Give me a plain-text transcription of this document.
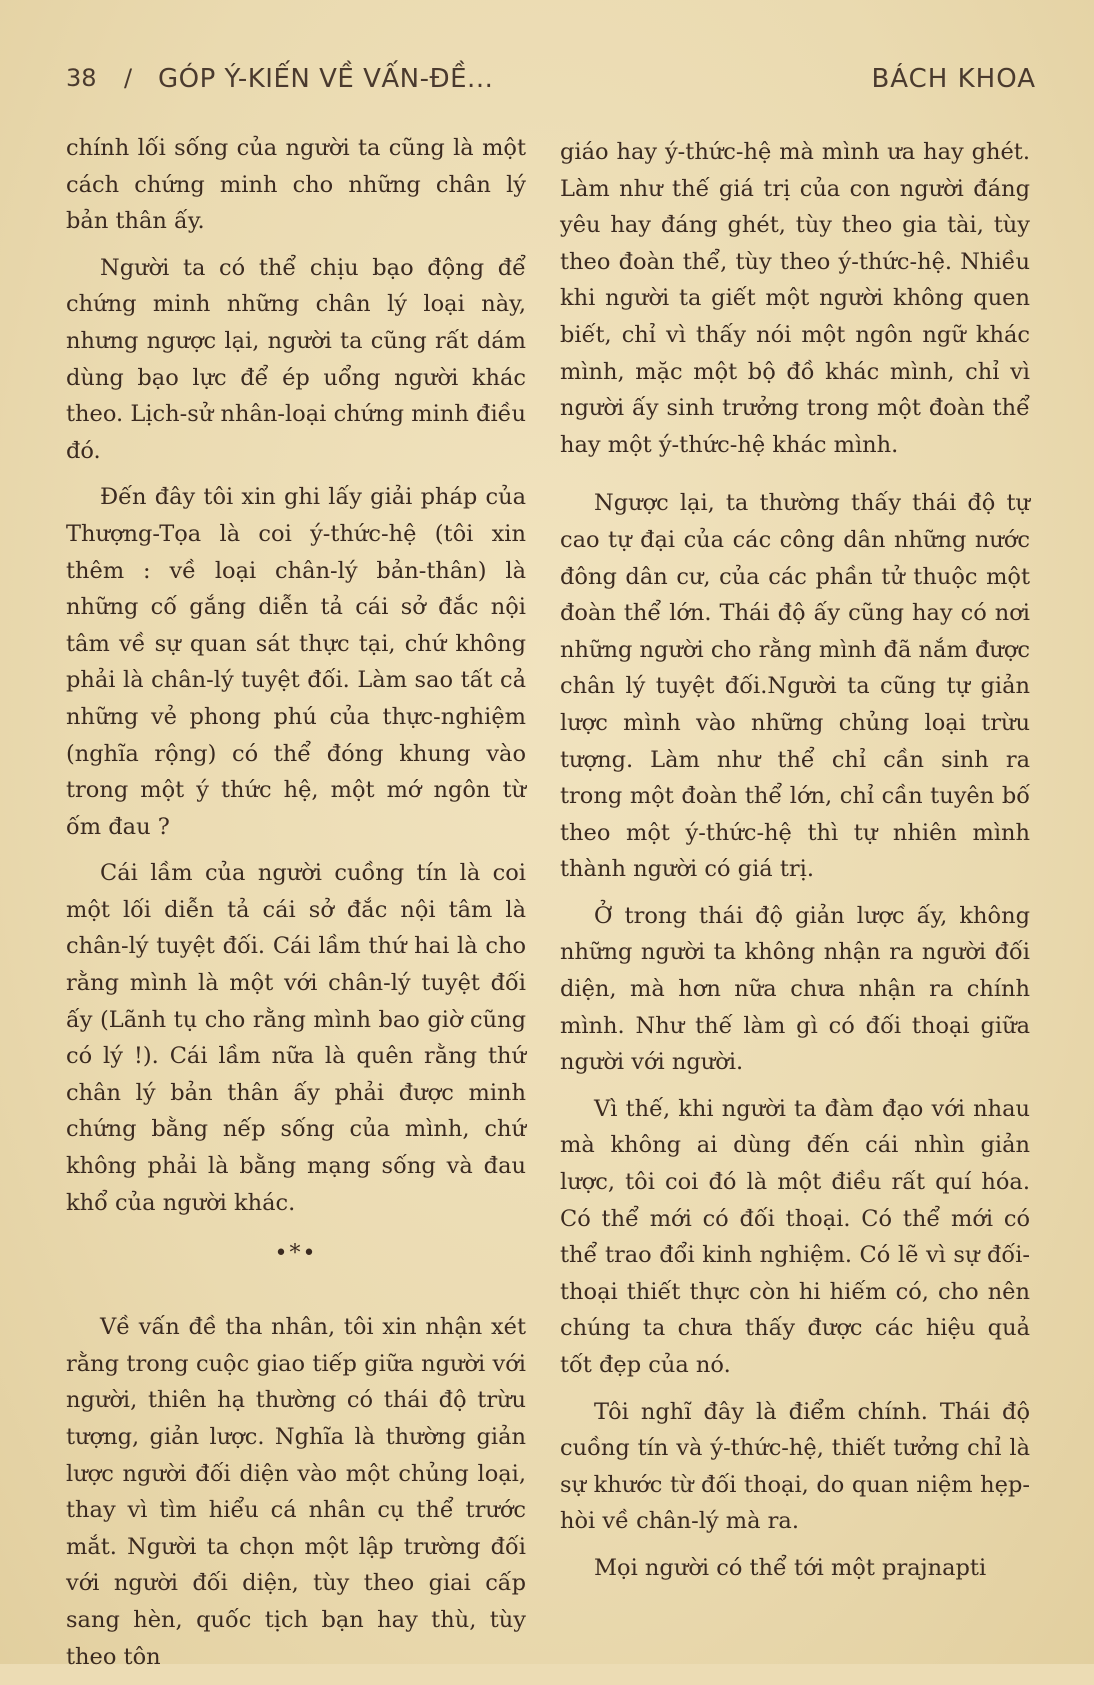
38 / GÓP Ý-KIẾN VỀ VẤN-ĐỀ...	BÁCH KHOA

chính lối sống của người ta cũng là một cách chứng minh cho những chân lý bản thân ấy.

Người ta có thể chịu bạo động để chứng minh những chân lý loại này, nhưng ngược lại, người ta cũng rất dám dùng bạo lực để ép uổng người khác theo. Lịch-sử nhân-loại chứng minh điều đó.

Đến đây tôi xin ghi lấy giải pháp của Thượng-Tọa là coi ý-thức-hệ (tôi xin thêm : về loại chân-lý bản-thân) là những cố gắng diễn tả cái sở đắc nội tâm về sự quan sát thực tại, chứ không phải là chân-lý tuyệt đối. Làm sao tất cả những vẻ phong phú của thực-nghiệm (nghĩa rộng) có thể đóng khung vào trong một ý thức hệ, một mớ ngôn từ ốm đau ?

Cái lầm của người cuồng tín là coi một lối diễn tả cái sở đắc nội tâm là chân-lý tuyệt đối. Cái lầm thứ hai là cho rằng mình là một với chân-lý tuyệt đối ấy (Lãnh tụ cho rằng mình bao giờ cũng có lý !). Cái lầm nữa là quên rằng thứ chân lý bản thân ấy phải được minh chứng bằng nếp sống của mình, chứ không phải là bằng mạng sống và đau khổ của người khác.

•*•

Về vấn đề tha nhân, tôi xin nhận xét rằng trong cuộc giao tiếp giữa người với người, thiên hạ thường có thái độ trừu tượng, giản lược. Nghĩa là thường giản lược người đối diện vào một chủng loại, thay vì tìm hiểu cá nhân cụ thể trước mắt. Người ta chọn một lập trường đối với người đối diện, tùy theo giai cấp sang hèn, quốc tịch bạn hay thù, tùy theo tôn

giáo hay ý-thức-hệ mà mình ưa hay ghét. Làm như thế giá trị của con người đáng yêu hay đáng ghét, tùy theo gia tài, tùy theo đoàn thể, tùy theo ý-thức-hệ. Nhiều khi người ta giết một người không quen biết, chỉ vì thấy nói một ngôn ngữ khác mình, mặc một bộ đồ khác mình, chỉ vì người ấy sinh trưởng trong một đoàn thể hay một ý-thức-hệ khác mình.

Ngược lại, ta thường thấy thái độ tự cao tự đại của các công dân những nước đông dân cư, của các phần tử thuộc một đoàn thể lớn. Thái độ ấy cũng hay có nơi những người cho rằng mình đã nắm được chân lý tuyệt đối.Người ta cũng tự giản lược mình vào những chủng loại trừu tượng. Làm như thể chỉ cần sinh ra trong một đoàn thể lớn, chỉ cần tuyên bố theo một ý-thức-hệ thì tự nhiên mình thành người có giá trị.

Ở trong thái độ giản lược ấy, không những người ta không nhận ra người đối diện, mà hơn nữa chưa nhận ra chính mình. Như thế làm gì có đối thoại giữa người với người.

Vì thế, khi người ta đàm đạo với nhau mà không ai dùng đến cái nhìn giản lược, tôi coi đó là một điều rất quí hóa. Có thể mới có đối thoại. Có thể mới có thể trao đổi kinh nghiệm. Có lẽ vì sự đối-thoại thiết thực còn hi hiếm có, cho nên chúng ta chưa thấy được các hiệu quả tốt đẹp của nó.

Tôi nghĩ đây là điểm chính. Thái độ cuồng tín và ý-thức-hệ, thiết tưởng chỉ là sự khước từ đối thoại, do quan niệm hẹp-hòi về chân-lý mà ra.

Mọi người có thể tới một prajnapti
